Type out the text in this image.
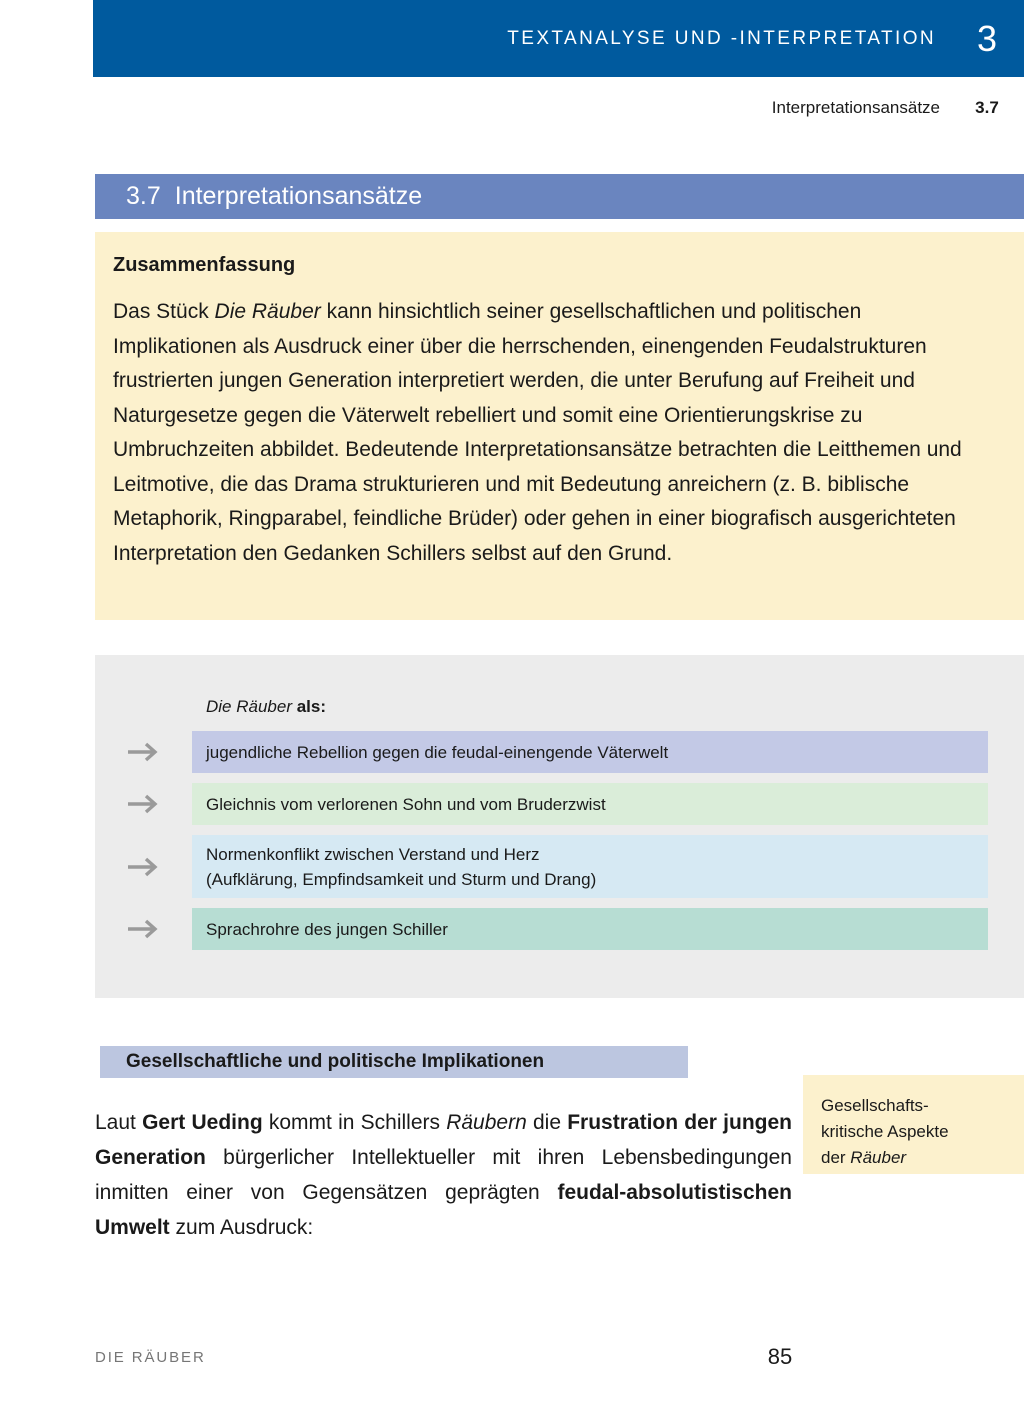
TEXTANALYSE UND -INTERPRETATION 3
Interpretationsansätze 3.7
3.7 Interpretationsansätze
Zusammenfassung

Das Stück Die Räuber kann hinsichtlich seiner gesellschaftlichen und politischen Implikationen als Ausdruck einer über die herrschenden, einengenden Feudalstrukturen frustrierten jungen Generation interpretiert werden, die unter Berufung auf Freiheit und Naturgesetze gegen die Väterwelt rebelliert und somit eine Orientierungskrise zu Umbruchzeiten abbildet. Bedeutende Interpretationsansätze betrachten die Leitthemen und Leitmotive, die das Drama strukturieren und mit Bedeutung anreichern (z. B. biblische Metaphorik, Ringparabel, feindliche Brüder) oder gehen in einer biografisch ausgerichteten Interpretation den Gedanken Schillers selbst auf den Grund.

Die Räuber als:
jugendliche Rebellion gegen die feudal-einengende Väterwelt
Gleichnis vom verlorenen Sohn und vom Bruderzwist
Normenkonflikt zwischen Verstand und Herz
(Aufklärung, Empfindsamkeit und Sturm und Drang)
Sprachrohre des jungen Schiller
Gesellschaftliche und politische Implikationen

Laut Gert Ueding kommt in Schillers Räubern die Frustration der jungen Generation bürgerlicher Intellektueller mit ihren Lebensbedingungen inmitten einer von Gegensätzen geprägten feudal-absolutistischen Umwelt zum Ausdruck:

Gesellschafts-
kritische Aspekte
der Räuber
DIE RÄUBER	85
